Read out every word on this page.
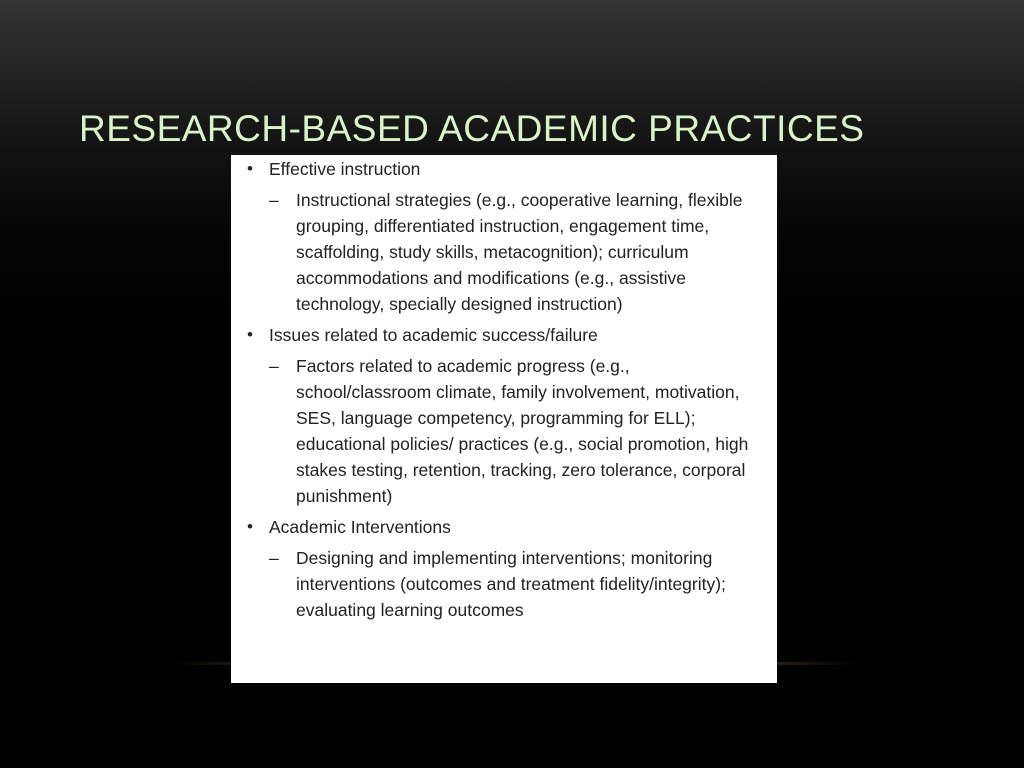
RESEARCH-BASED ACADEMIC PRACTICES
• Effective instruction
– Instructional strategies (e.g., cooperative learning, flexible grouping, differentiated instruction, engagement time, scaffolding, study skills, metacognition); curriculum accommodations and modifications (e.g., assistive technology, specially designed instruction)
• Issues related to academic success/failure
– Factors related to academic progress (e.g., school/classroom climate, family involvement, motivation, SES, language competency, programming for ELL); educational policies/ practices (e.g., social promotion, high stakes testing, retention, tracking, zero tolerance, corporal punishment)
• Academic Interventions
– Designing and implementing interventions; monitoring interventions (outcomes and treatment fidelity/integrity); evaluating learning outcomes
